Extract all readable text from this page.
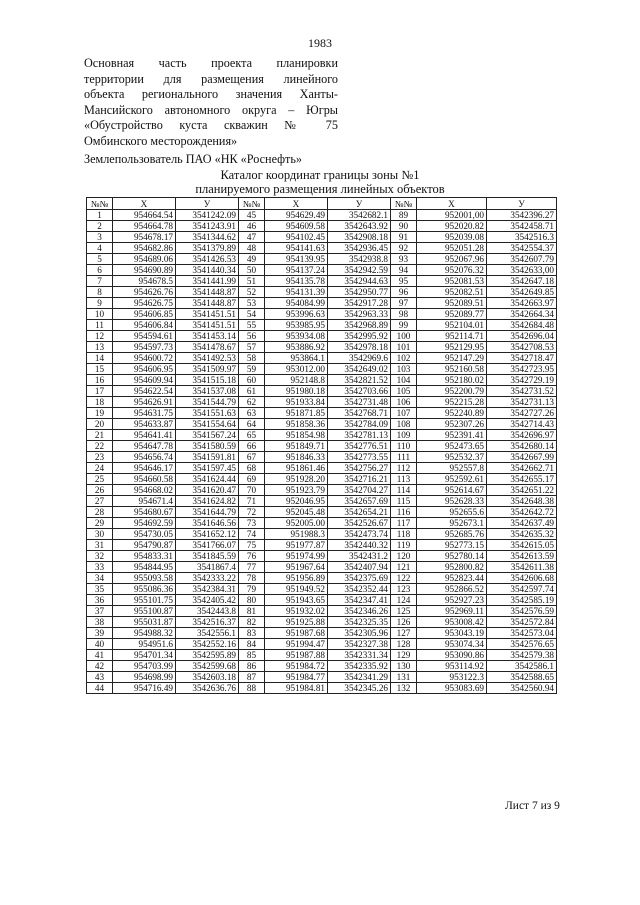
1983

Основная часть проекта планировки

территории для размещения линейного

объекта регионального значения Ханты-

Мансийского автономного округа – Югры

«Обустройство куста скважин № 75

Омбинского месторождения»

Землепользователь ПАО «НК «Роснефть»
Каталог координат границы зоны №1
планируемого размещения линейных объектов
№№	X	У	№№	X	У	№№	X	У
1	954664.54	3541242.09	45	954629.49	3542682.1	89	952001,00	3542396.27
2	954664.78	3541243.91	46	954609.58	3542643.92	90	952020.82	3542458.71
3	954678.17	3541344.62	47	954102.45	3542908.18	91	952039.08	3542516.3
4	954682.86	3541379.89	48	954141.63	3542936.45	92	952051.28	3542554.37
5	954689.06	3541426.53	49	954139.95	3542938.8	93	952067.96	3542607.79
6	954690.89	3541440.34	50	954137.24	3542942.59	94	952076.32	3542633,00
7	954678.5	3541441.99	51	954135.78	3542944.63	95	952081.53	3542647.18
8	954626.76	3541448.87	52	954131.39	3542950.77	96	952082.51	3542649.85
9	954626.75	3541448.87	53	954084.99	3542917.28	97	952089.51	3542663.97
10	954606.85	3541451.51	54	953996.63	3542963.33	98	952089.77	3542664.34
11	954606.84	3541451.51	55	953985.95	3542968.89	99	952104.01	3542684.48
12	954594.61	3541453.14	56	953934.08	3542995.92	100	952114.71	3542696.04
13	954597.73	3541478.67	57	953886.92	3542978.18	101	952129.95	3542708.53
14	954600.72	3541492.53	58	953864.1	3542969.6	102	952147.29	3542718.47
15	954606.95	3541509.97	59	953012.00	3542649.02	103	952160.58	3542723.95
16	954609.94	3541515.18	60	952148.8	3542821.52	104	952180.02	3542729.19
17	954622.54	3541537.08	61	951980.18	3542703.66	105	952200.79	3542731.52
18	954626.91	3541544.79	62	951933.84	3542731.48	106	952215.28	3542731.13
19	954631.75	3541551.63	63	951871.85	3542768.71	107	952240.89	3542727.26
20	954633.87	3541554.64	64	951858.36	3542784.09	108	952307.26	3542714.43
21	954641.41	3541567.24	65	951854.98	3542781.13	109	952391.41	3542696.97
22	954647.78	3541580.59	66	951849.71	3542776.51	110	952473.65	3542680.14
23	954656.74	3541591.81	67	951846.33	3542773.55	111	952532.37	3542667.99
24	954646.17	3541597.45	68	951861.46	3542756.27	112	952557.8	3542662.71
25	954660.58	3541624.44	69	951928.20	3542716.21	113	952592.61	3542655.17
26	954668.02	3541620.47	70	951923.79	3542704.27	114	952614.67	3542651.22
27	954671.4	3541624.82	71	952046.95	3542657.69	115	952628.33	3542648.38
28	954680.67	3541644.79	72	952045.48	3542654.21	116	952655.6	3542642.72
29	954692.59	3541646.56	73	952005.00	3542526.67	117	952673.1	3542637.49
30	954730.05	3541652.12	74	951988.3	3542473.74	118	952685.76	3542635.32
31	954790.87	3541766.07	75	951977.87	3542440.32	119	952773.15	3542615.05
32	954833.31	3541845.59	76	951974.99	3542431.2	120	952780.14	3542613.59
33	954844.95	3541867.4	77	951967.64	3542407.94	121	952800.82	3542611.38
34	955093.58	3542333.22	78	951956.89	3542375.69	122	952823.44	3542606.68
35	955086.36	3542384.31	79	951949.52	3542352.44	123	952866.52	3542597.74
36	955101.75	3542405.42	80	951943.65	3542347.41	124	952927.23	3542585.19
37	955100.87	3542443.8	81	951932.02	3542346.26	125	952969.11	3542576.59
38	955031.87	3542516.37	82	951925.88	3542325.35	126	953008.42	3542572.84
39	954988.32	3542556.1	83	951987.68	3542305.96	127	953043.19	3542573.04
40	954951.6	3542552.16	84	951994.47	3542327.38	128	953074.34	3542576.65
41	954701.34	3542595.89	85	951987.88	3542331.34	129	953090.86	3542579.38
42	954703.99	3542599.68	86	951984.72	3542335.92	130	953114.92	3542586.1
43	954698.99	3542603.18	87	951984.77	3542341.29	131	953122.3	3542588.65
44	954716.49	3542636.76	88	951984.81	3542345.26	132	953083.69	3542560.94
Лист 7 из 9
